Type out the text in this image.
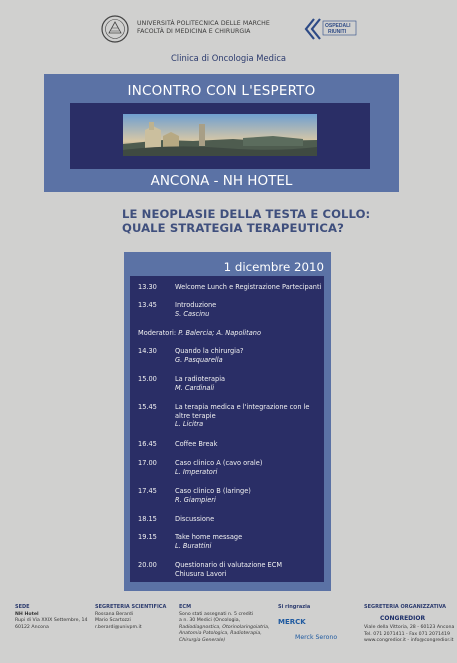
UNIVERSITÀ POLITECNICA DELLE MARCHE
FACOLTÀ DI MEDICINA E CHIRURGIA
OSPEDALI
RIUNITI
Clinica di Oncologia Medica
INCONTRO CON L'ESPERTO
ANCONA - NH HOTEL
LE NEOPLASIE DELLA TESTA E COLLO:
QUALE STRATEGIA TERAPEUTICA?
1 dicembre 2010
13.30	Welcome Lunch e Registrazione Partecipanti
13.45	Introduzione
S. Cascinu
Moderatori: P. Balercia; A. Napolitano
14.30	Quando la chirurgia?
G. Pasquarella
15.00	La radioterapia
M. Cardinali
15.45	La terapia medica e l'integrazione con le altre terapie
L. Licitra
16.45	Coffee Break
17.00	Caso clinico A (cavo orale)
L. Imperatori
17.45	Caso clinico B (laringe)
R. Giampieri
18.15	Discussione
19.15	Take home message
L. Burattini
20.00	Questionario di valutazione ECM
Chiusura Lavori
SEDE
NH Hotel
Rupi di Via XXIX Settembre, 14
60122 Ancona
SEGRETERIA SCIENTIFICA
Rossana Berardi
Mario Scartozzi
r.berardi@univpm.it
ECM
Sono stati assegnati n. 5 crediti
a n. 30 Medici (Oncologia,
Radiodiagnostica, Otorinolaringoiatria,
Anatomia Patologica, Radioterapia,
Chirurgia Generale)
Si ringrazia
MERCK
Merck Serono
SEGRETERIA ORGANIZZATIVA
CONGREDIOR
Viale della Vittoria, 28 - 60123 Ancona
Tel. 071 2071411 - Fax 071 2071419
www.congredior.it - info@congredior.it
